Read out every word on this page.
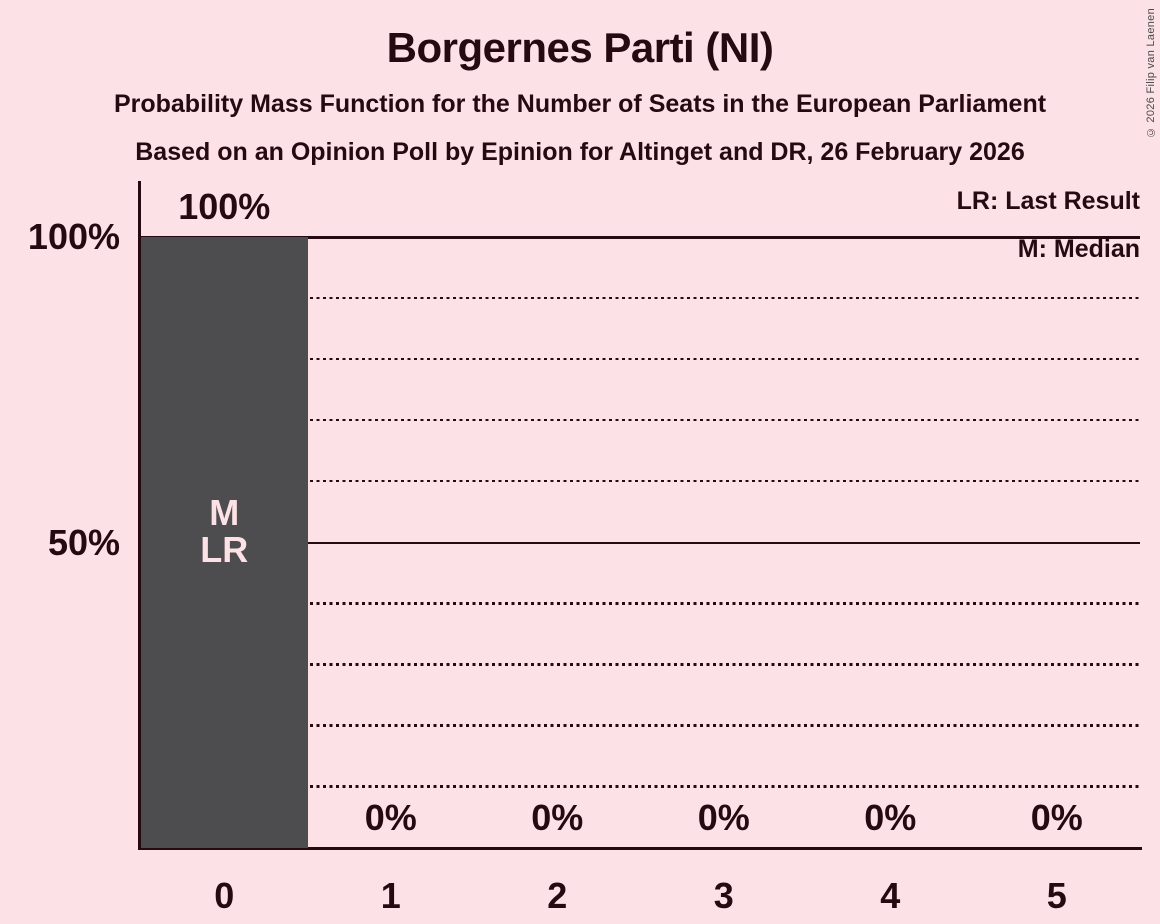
Borgernes Parti (NI)
Probability Mass Function for the Number of Seats in the European Parliament
Based on an Opinion Poll by Epinion for Altinget and DR, 26 February 2026
LR: Last Result
M: Median
© 2026 Filip van Laenen
100%
M
LR
0
0%
1
0%
2
0%
3
0%
4
0%
5
100%
50%
